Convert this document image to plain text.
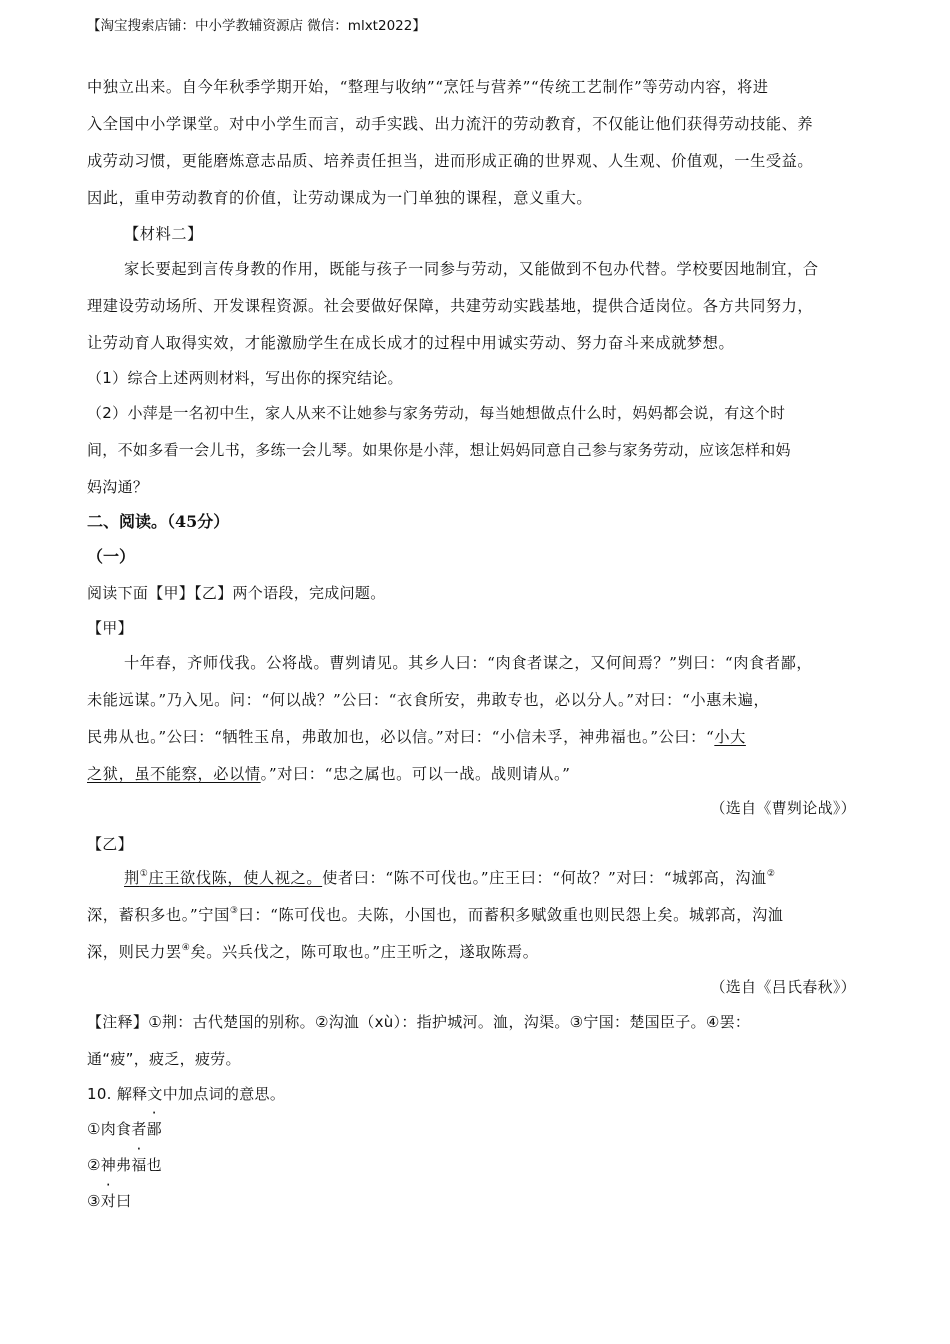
【淘宝搜索店铺：中小学教辅资源店 微信：mlxt2022】
中独立出来。自今年秋季学期开始，“整理与收纳”“烹饪与营养”“传统工艺制作”等劳动内容，将进
入全国中小学课堂。对中小学生而言，动手实践、出力流汗的劳动教育，不仅能让他们获得劳动技能、养
成劳动习惯，更能磨炼意志品质、培养责任担当，进而形成正确的世界观、人生观、价值观，一生受益。
因此，重申劳动教育的价值，让劳动课成为一门单独的课程，意义重大。
【材料二】
家长要起到言传身教的作用，既能与孩子一同参与劳动，又能做到不包办代替。学校要因地制宜，合
理建设劳动场所、开发课程资源。社会要做好保障，共建劳动实践基地，提供合适岗位。各方共同努力，
让劳动育人取得实效，才能激励学生在成长成才的过程中用诚实劳动、努力奋斗来成就梦想。
（1）综合上述两则材料，写出你的探究结论。
（2）小萍是一名初中生，家人从来不让她参与家务劳动，每当她想做点什么时，妈妈都会说，有这个时
间，不如多看一会儿书，多练一会儿琴。如果你是小萍，想让妈妈同意自己参与家务劳动，应该怎样和妈
妈沟通？
二、阅读。（45分）
（一）
阅读下面【甲】【乙】两个语段，完成问题。
【甲】
十年春，齐师伐我。公将战。曹刿请见。其乡人曰：“肉食者谋之，又何间焉？”刿曰：“肉食者鄙，
未能远谋。”乃入见。问：“何以战？”公曰：“衣食所安，弗敢专也，必以分人。”对曰：“小惠未遍，
民弗从也。”公曰：“牺牲玉帛，弗敢加也，必以信。”对曰：“小信未孚，神弗福也。”公曰：“小大
之狱，虽不能察，必以情。”对曰：“忠之属也。可以一战。战则请从。”
（选自《曹刿论战》）
【乙】
荆①庄王欲伐陈，使人视之。使者曰：“陈不可伐也。”庄王曰：“何故？”对曰：“城郭高，沟洫②
深，蓄积多也。”宁国③曰：“陈可伐也。夫陈，小国也，而蓄积多赋敛重也则民怨上矣。城郭高，沟洫
深，则民力罢④矣。兴兵伐之，陈可取也。”庄王听之，遂取陈焉。
（选自《吕氏春秋》）
【注释】①荆：古代楚国的别称。②沟洫（xù）：指护城河。洫，沟渠。③宁国：楚国臣子。④罢：
通“疲”，疲乏，疲劳。
10. 解释文中加点词的意思。
①肉食者鄙
②神弗福也
③对曰
